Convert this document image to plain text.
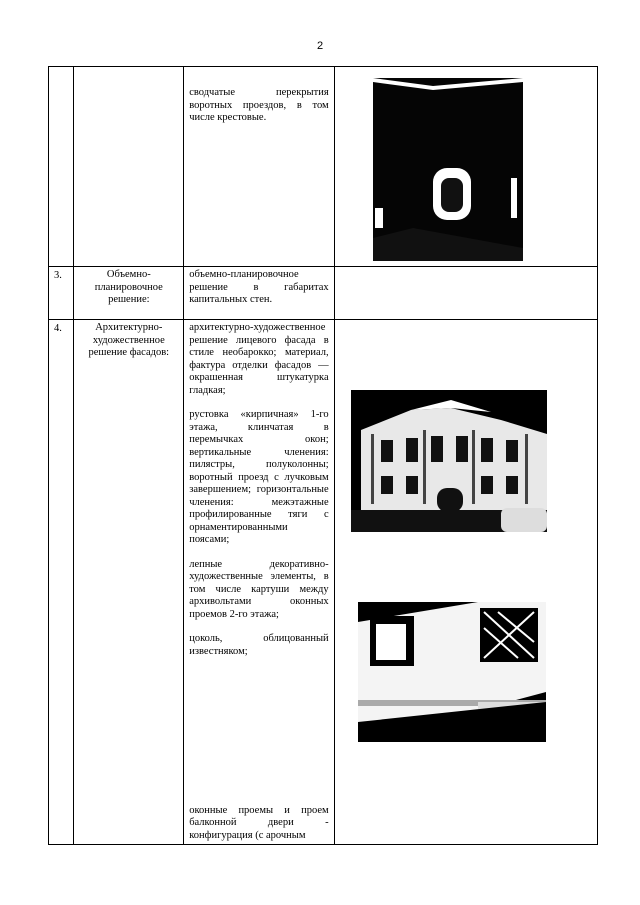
2

		сводчатые перекрытия воротных проездов, в том числе крестовые.

3.	Объемно-планировочное решение:	объемно-планировочное решение в габаритах капитальных стен.	

4.	Архитектурно-художественное решение фасадов:	архитектурно-художественное решение лицевого фасада в стиле необарокко; материал, фактура отделки фасадов — окрашенная штукатурка гладкая;

рустовка «кирпичная» 1-го этажа, клинчатая в перемычках окон; вертикальные членения: пилястры, полуколонны; воротный проезд с лучковым завершением; горизонтальные членения: межэтажные профилированные тяги с орнаментированными поясами;

лепные декоративно-художественные элементы, в том числе картуши между архивольтами оконных проемов 2-го этажа;

цоколь, облицованный известняком;

оконные проемы и проем балконной двери - конфигурация (с арочным
